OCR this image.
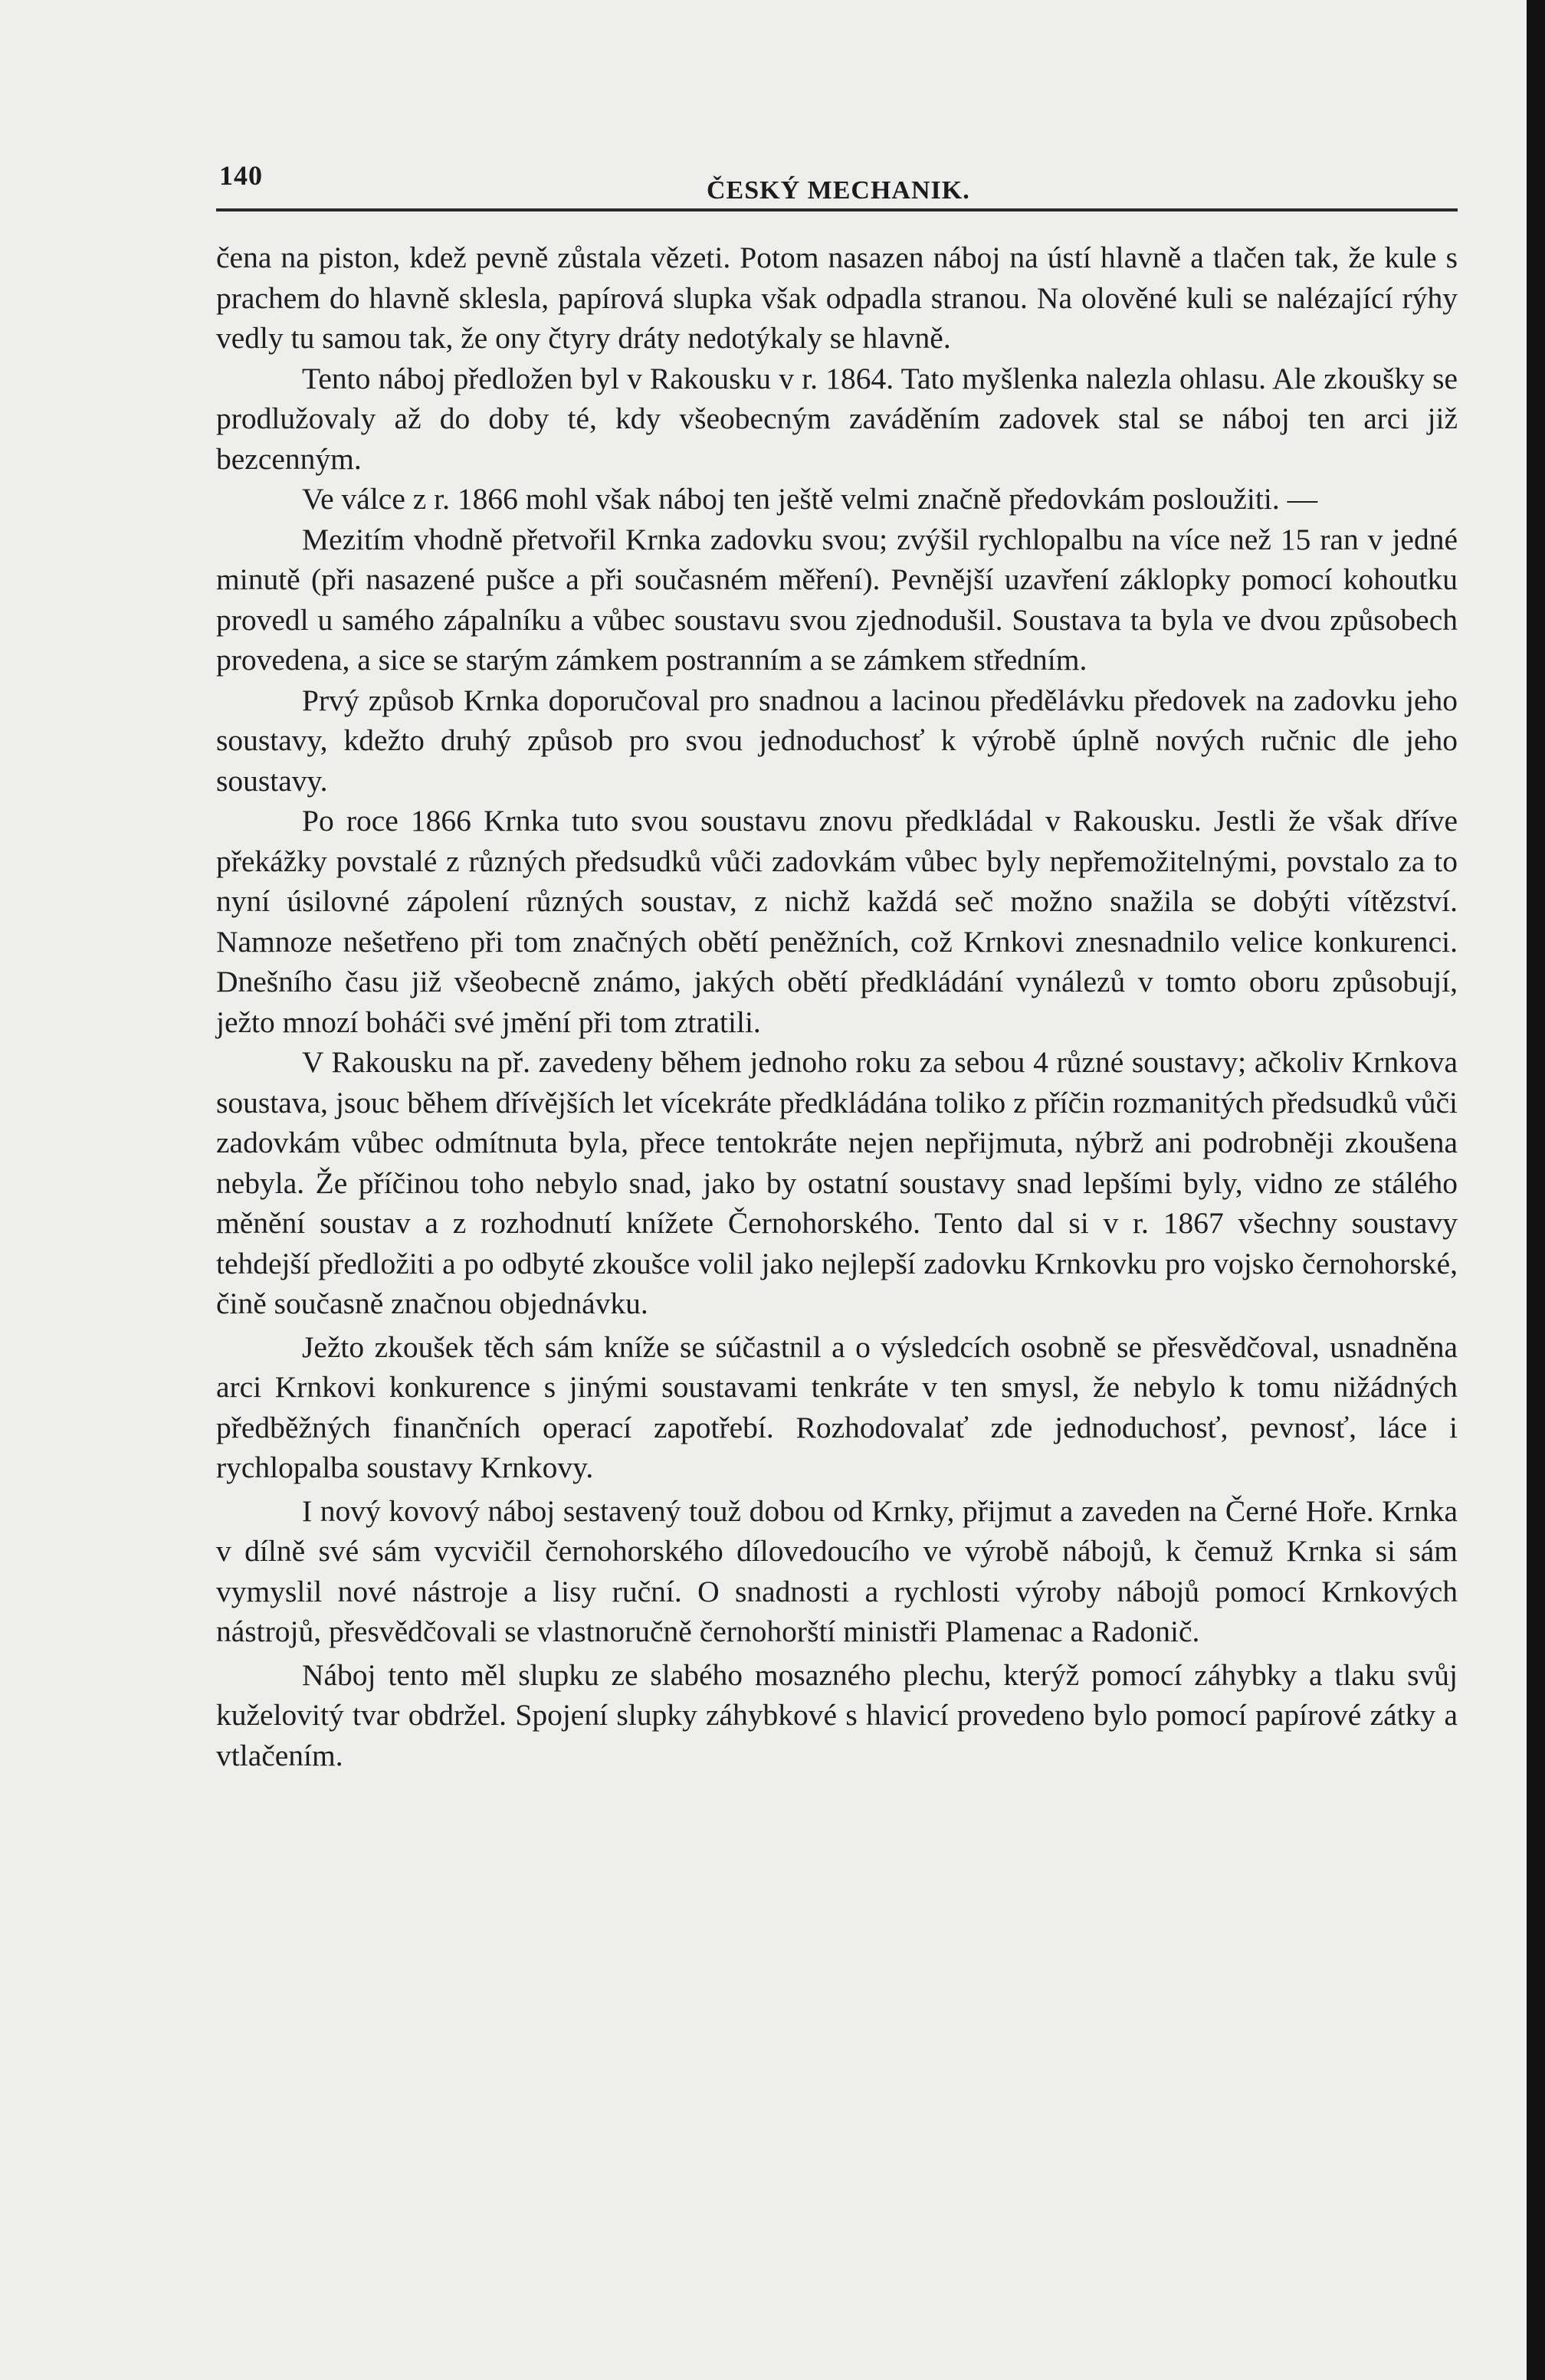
140	ČESKÝ MECHANIK.

čena na piston, kdež pevně zůstala vězeti. Potom nasazen náboj na ústí hlavně a tlačen tak, že kule s prachem do hlavně sklesla, papírová slupka však odpadla stranou. Na olověné kuli se nalézající rýhy vedly tu samou tak, že ony čtyry dráty nedotýkaly se hlavně.

Tento náboj předložen byl v Rakousku v r. 1864. Tato myšlenka nalezla ohlasu. Ale zkoušky se prodlužovaly až do doby té, kdy všeobecným zaváděním zadovek stal se náboj ten arci již bezcenným.

Ve válce z r. 1866 mohl však náboj ten ještě velmi značně předovkám posloužiti. —

Mezitím vhodně přetvořil Krnka zadovku svou; zvýšil rychlopalbu na více než 15 ran v jedné minutě (při nasazené pušce a při současném měření). Pevnější uzavření záklopky pomocí kohoutku provedl u samého zápalníku a vůbec soustavu svou zjednodušil. Soustava ta byla ve dvou způsobech provedena, a sice se starým zámkem postranním a se zámkem středním.

Prvý způsob Krnka doporučoval pro snadnou a lacinou předělávku předovek na zadovku jeho soustavy, kdežto druhý způsob pro svou jednoduchosť k výrobě úplně nových ručnic dle jeho soustavy.

Po roce 1866 Krnka tuto svou soustavu znovu předkládal v Rakousku. Jestli že však dříve překážky povstalé z různých předsudků vůči zadovkám vůbec byly nepřemožitelnými, povstalo za to nyní úsilovné zápolení různých soustav, z nichž každá seč možno snažila se dobýti vítězství. Namnoze nešetřeno při tom značných obětí peněžních, což Krnkovi znesnadnilo velice konkurenci. Dnešního času již všeobecně známo, jakých obětí předkládání vynálezů v tomto oboru způsobují, ježto mnozí boháči své jmění při tom ztratili.

V Rakousku na př. zavedeny během jednoho roku za sebou 4 různé soustavy; ačkoliv Krnkova soustava, jsouc během dřívějších let vícekráte předkládána toliko z příčin rozmanitých předsudků vůči zadovkám vůbec odmítnuta byla, přece tentokráte nejen nepřijmuta, nýbrž ani podrobněji zkoušena nebyla. Že příčinou toho nebylo snad, jako by ostatní soustavy snad lepšími byly, vidno ze stálého měnění soustav a z rozhodnutí knížete Černohorského. Tento dal si v r. 1867 všechny soustavy tehdejší předložiti a po odbyté zkoušce volil jako nejlepší zadovku Krnkovku pro vojsko černohorské, čině současně značnou objednávku.

Ježto zkoušek těch sám kníže se súčastnil a o výsledcích osobně se přesvědčoval, usnadněna arci Krnkovi konkurence s jinými soustavami tenkráte v ten smysl, že nebylo k tomu nižádných předběžných finančních operací zapotřebí. Rozhodovalať zde jednoduchosť, pevnosť, láce i rychlopalba soustavy Krnkovy.

I nový kovový náboj sestavený touž dobou od Krnky, přijmut a zaveden na Černé Hoře. Krnka v dílně své sám vycvičil černohorského dílovedoucího ve výrobě nábojů, k čemuž Krnka si sám vymyslil nové nástroje a lisy ruční. O snadnosti a rychlosti výroby nábojů pomocí Krnkových nástrojů, přesvědčovali se vlastnoručně černohorští ministři Plamenac a Radonič.

Náboj tento měl slupku ze slabého mosazného plechu, kterýž pomocí záhybky a tlaku svůj kuželovitý tvar obdržel. Spojení slupky záhybkové s hlavicí provedeno bylo pomocí papírové zátky a vtlačením.
